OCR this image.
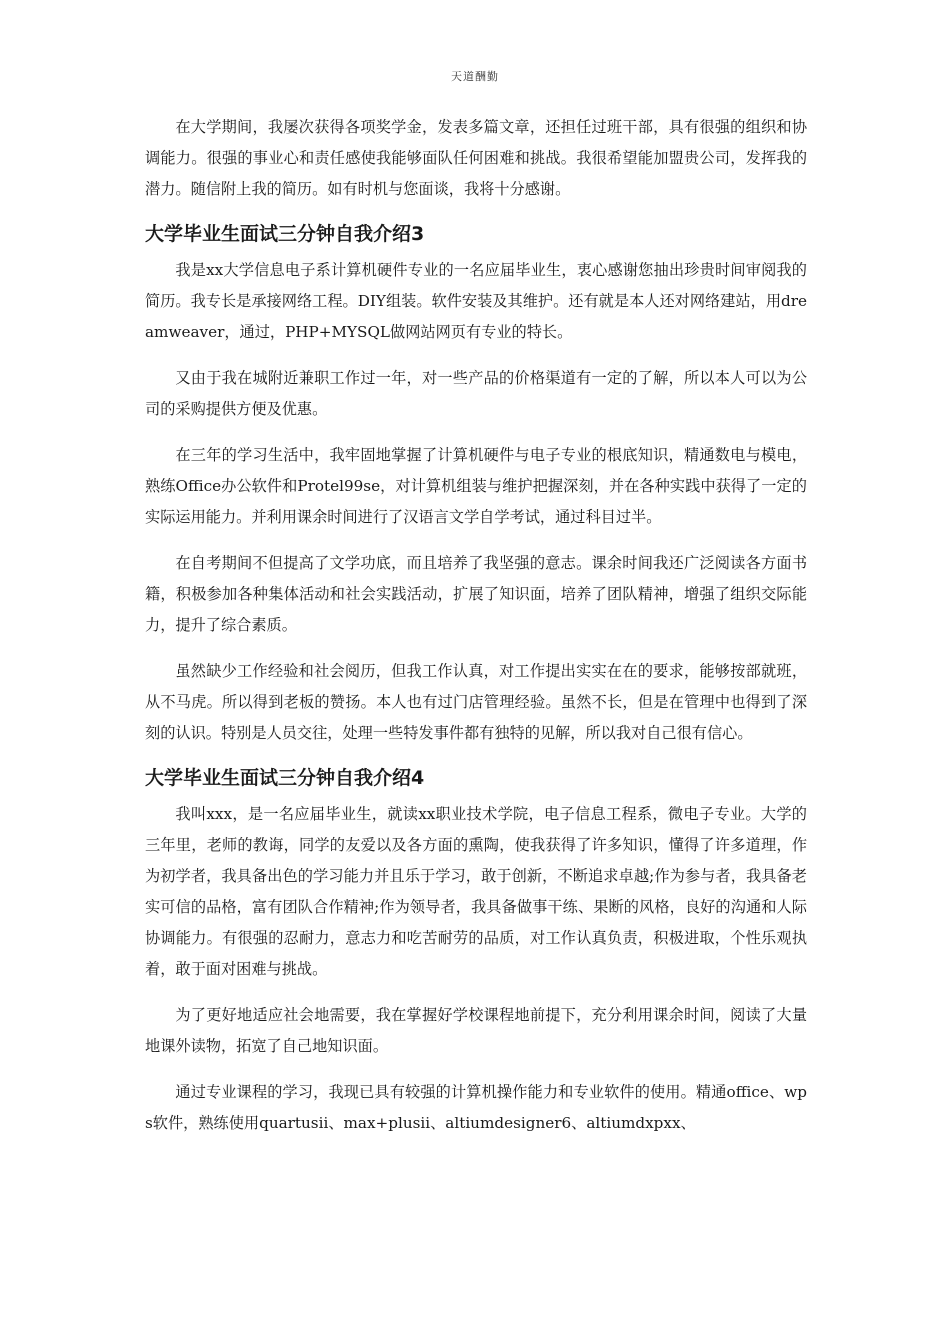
天道酬勤

在大学期间，我屡次获得各项奖学金，发表多篇文章，还担任过班干部，具有很强的组织和协调能力。很强的事业心和责任感使我能够面队任何困难和挑战。我很希望能加盟贵公司，发挥我的潜力。随信附上我的简历。如有时机与您面谈，我将十分感谢。

大学毕业生面试三分钟自我介绍3

我是xx大学信息电子系计算机硬件专业的一名应届毕业生，衷心感谢您抽出珍贵时间审阅我的简历。我专长是承接网络工程。DIY组装。软件安装及其维护。还有就是本人还对网络建站，用dreamweaver，通过，PHP+MYSQL做网站网页有专业的特长。

又由于我在城附近兼职工作过一年，对一些产品的价格渠道有一定的了解，所以本人可以为公司的采购提供方便及优惠。

在三年的学习生活中，我牢固地掌握了计算机硬件与电子专业的根底知识，精通数电与模电，熟练Office办公软件和Protel99se，对计算机组装与维护把握深刻，并在各种实践中获得了一定的实际运用能力。并利用课余时间进行了汉语言文学自学考试，通过科目过半。

在自考期间不但提高了文学功底，而且培养了我坚强的意志。课余时间我还广泛阅读各方面书籍，积极参加各种集体活动和社会实践活动，扩展了知识面，培养了团队精神，增强了组织交际能力，提升了综合素质。

虽然缺少工作经验和社会阅历，但我工作认真，对工作提出实实在在的要求，能够按部就班，从不马虎。所以得到老板的赞扬。本人也有过门店管理经验。虽然不长，但是在管理中也得到了深刻的认识。特别是人员交往，处理一些特发事件都有独特的见解，所以我对自己很有信心。

大学毕业生面试三分钟自我介绍4

我叫xxx，是一名应届毕业生，就读xx职业技术学院，电子信息工程系，微电子专业。大学的三年里，老师的教诲，同学的友爱以及各方面的熏陶，使我获得了许多知识，懂得了许多道理，作为初学者，我具备出色的学习能力并且乐于学习，敢于创新，不断追求卓越;作为参与者，我具备老实可信的品格，富有团队合作精神;作为领导者，我具备做事干练、果断的风格，良好的沟通和人际协调能力。有很强的忍耐力，意志力和吃苦耐劳的品质，对工作认真负责，积极进取，个性乐观执着，敢于面对困难与挑战。

为了更好地适应社会地需要，我在掌握好学校课程地前提下，充分利用课余时间，阅读了大量地课外读物，拓宽了自己地知识面。

通过专业课程的学习，我现已具有较强的计算机操作能力和专业软件的使用。精通office、wps软件，熟练使用quartusii、max+plusii、altiumdesigner6、altiumdxpxx、
